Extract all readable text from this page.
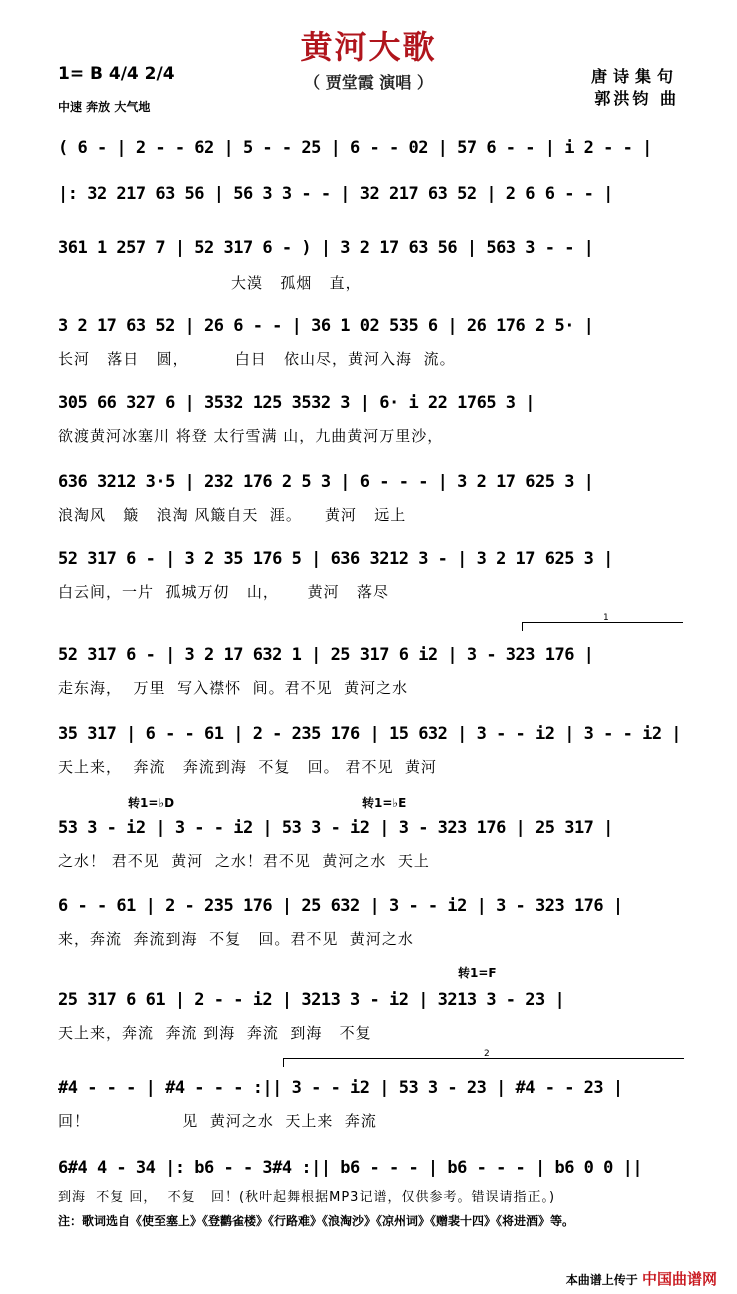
黄河大歌
（ 贾堂霞 演唱 ）
1= B 4/4 2/4
中速 奔放 大气地
唐诗集句
郭洪钧 曲
( 6 - | 2 - - 62 | 5 - - 25 | 6 - - 02 | 57 6 - - | i 2 - - |
|: 32 217 63 56 | 56 3 3 - - | 32 217 63 52 | 2 6 6 - - |
361 1 257 7 | 52 317 6 - ) | 3 2 17 63 56 | 563 3 - - |
大漠   孤烟   直，
3 2 17 63 52 | 26 6 - - | 36 1 02 535 6 | 26 176 2 5· |
长河   落日   圆，        白日   依山尽，黄河入海  流。
305 66 327 6 | 3532 125 3532 3 | 6· i 22 1765 3 |
欲渡黄河冰塞川 将登 太行雪满 山，九曲黄河万里沙，
636 3212 3·5 | 232 176 2 5 3 | 6 - - - | 3 2 17 625 3 |
浪淘风   簸   浪淘 风簸自天  涯。    黄河   远上
52 317 6 - | 3 2 35 176 5 | 636 3212 3 - | 3 2 17 625 3 |
白云间，一片  孤城万仞   山，     黄河   落尽
1
52 317 6 - | 3 2 17 632 1 | 25 317 6 i2 | 3 - 323 176 |
走东海，  万里  写入襟怀  间。君不见  黄河之水
35 317 | 6 - - 61 | 2 - 235 176 | 15 632 | 3 - - i2 | 3 - - i2 |
天上来，  奔流   奔流到海  不复   回。 君不见  黄河
转1=♭D	转1=♭E
53 3 - i2 | 3 - - i2 | 53 3 - i2 | 3 - 323 176 | 25 317 |
之水！ 君不见  黄河  之水！君不见  黄河之水  天上
6 - - 61 | 2 - 235 176 | 25 632 | 3 - - i2 | 3 - 323 176 |
来，奔流  奔流到海  不复   回。君不见  黄河之水
转1=F
25 317 6 61 | 2 - - i2 | 3213 3 - i2 | 3213 3 - 23 |
天上来，奔流  奔流 到海  奔流  到海   不复
2
#4 - - - | #4 - - - :|| 3 - - i2 | 53 3 - 23 | #4 - - 23 |
回！                见  黄河之水  天上来  奔流
6#4 4 - 34 |: b6 - - 3#4 :|| b6 - - - | b6 - - - | b6 0 0 ||
到海  不复 回，  不复   回！(秋叶起舞根据MP3记谱，仅供参考。错误请指正。)
注：歌词选自《使至塞上》《登鹳雀楼》《行路难》《浪淘沙》《凉州词》《赠裴十四》《将进酒》等。
本曲谱上传于 中国曲谱网
